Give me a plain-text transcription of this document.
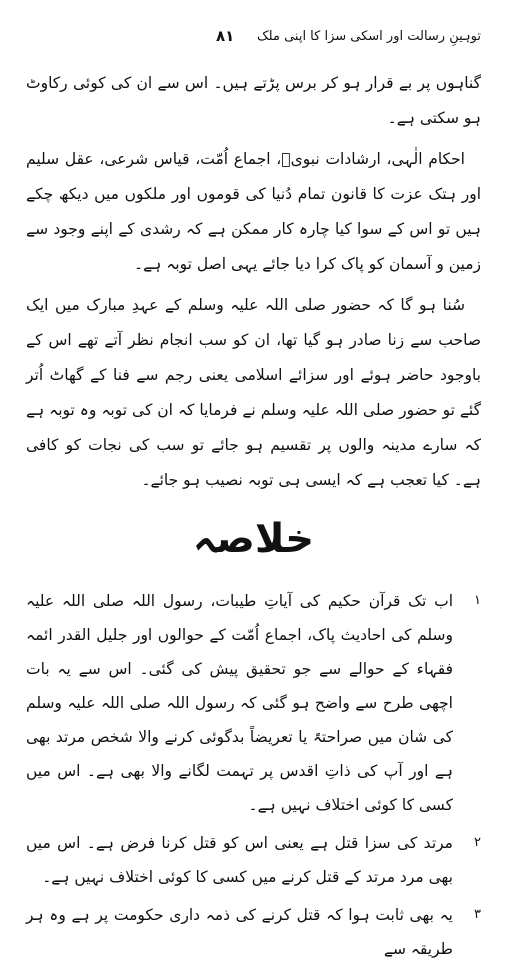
توہینِ رسالت اور اسکی سزا کا اپنی ملک
۸۱

گناہوں پر بے قرار ہو کر برس پڑتے ہیں۔ اس سے ان کی کوئی رکاوٹ ہو سکتی ہے۔

احکام الٰہی، ارشادات نبویؐ، اجماع اُمّت، قیاس شرعی، عقل سلیم اور ہتک عزت کا قانون تمام دُنیا کی قوموں اور ملکوں میں دیکھ چکے ہیں تو اس کے سوا کیا چارہ کار ممکن ہے کہ رشدی کے اپنے وجود سے زمین و آسمان کو پاک کرا دیا جائے یہی اصل توبہ ہے۔

سُنا ہو گا کہ حضور صلی اللہ علیہ وسلم کے عہدِ مبارک میں ایک صاحب سے زنا صادر ہو گیا تھا، ان کو سب انجام نظر آتے تھے اس کے باوجود حاضر ہوئے اور سزائے اسلامی یعنی رجم سے فنا کے گھاٹ اُتر گئے تو حضور صلی اللہ علیہ وسلم نے فرمایا کہ ان کی توبہ وہ توبہ ہے کہ سارے مدینہ والوں پر تقسیم ہو جائے تو سب کی نجات کو کافی ہے۔ کیا تعجب ہے کہ ایسی ہی توبہ نصیب ہو جائے۔

خلاصہ
۱
اب تک قرآن حکیم کی آیاتِ طیبات، رسول اللہ صلی اللہ علیہ وسلم کی احادیث پاک، اجماع اُمّت کے حوالوں اور جلیل القدر ائمہ فقہاء کے حوالے سے جو تحقیق پیش کی گئی۔ اس سے یہ بات اچھی طرح سے واضح ہو گئی کہ رسول اللہ صلی اللہ علیہ وسلم کی شان میں صراحتہً یا تعریضاً بدگوئی کرنے والا شخص مرتد بھی ہے اور آپ کی ذاتِ اقدس پر تہمت لگانے والا بھی ہے۔ اس میں کسی کا کوئی اختلاف نہیں ہے۔
۲
مرتد کی سزا قتل ہے یعنی اس کو قتل کرنا فرض ہے۔ اس میں بھی مرد مرتد کے قتل کرنے میں کسی کا کوئی اختلاف نہیں ہے۔
۳
یہ بھی ثابت ہوا کہ قتل کرنے کی ذمہ داری حکومت پر ہے وہ ہر طریقہ سے
